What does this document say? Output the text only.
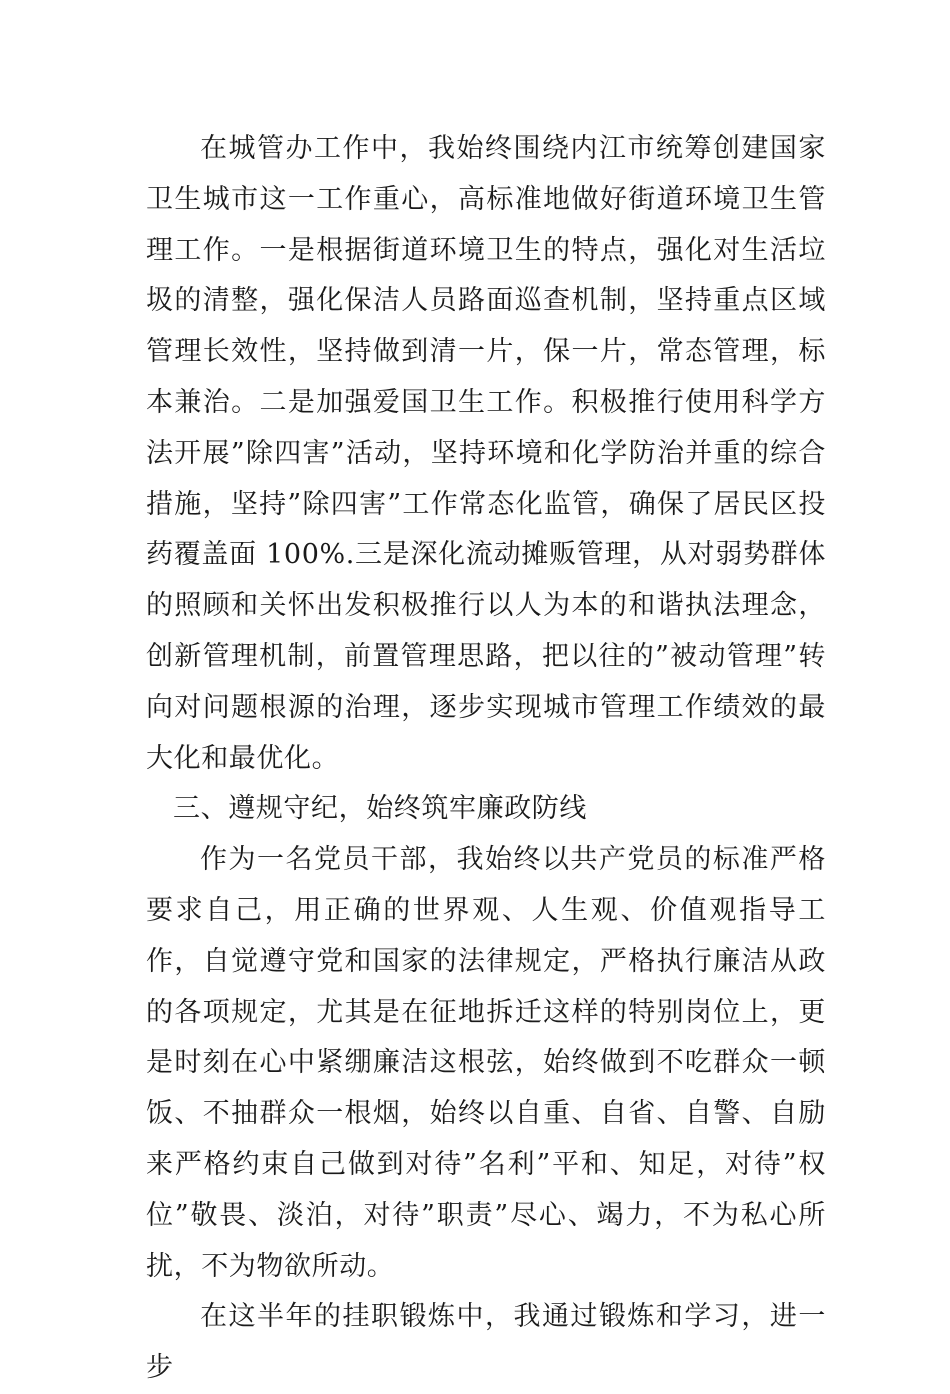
在城管办工作中，我始终围绕内江市统筹创建国家卫生城市这一工作重心，高标准地做好街道环境卫生管理工作。一是根据街道环境卫生的特点，强化对生活垃圾的清整，强化保洁人员路面巡查机制，坚持重点区域管理长效性，坚持做到清一片，保一片，常态管理，标本兼治。二是加强爱国卫生工作。积极推行使用科学方法开展”除四害”活动，坚持环境和化学防治并重的综合措施，坚持”除四害”工作常态化监管，确保了居民区投药覆盖面 100%.三是深化流动摊贩管理，从对弱势群体的照顾和关怀出发积极推行以人为本的和谐执法理念，创新管理机制，前置管理思路，把以往的”被动管理”转向对问题根源的治理，逐步实现城市管理工作绩效的最大化和最优化。

三、遵规守纪，始终筑牢廉政防线

作为一名党员干部，我始终以共产党员的标准严格要求自己，用正确的世界观、人生观、价值观指导工作，自觉遵守党和国家的法律规定，严格执行廉洁从政的各项规定，尤其是在征地拆迁这样的特别岗位上，更是时刻在心中紧绷廉洁这根弦，始终做到不吃群众一顿饭、不抽群众一根烟，始终以自重、自省、自警、自励来严格约束自己做到对待”名利”平和、知足，对待”权位”敬畏、淡泊，对待”职责”尽心、竭力，不为私心所扰，不为物欲所动。

在这半年的挂职锻炼中，我通过锻炼和学习，进一步
